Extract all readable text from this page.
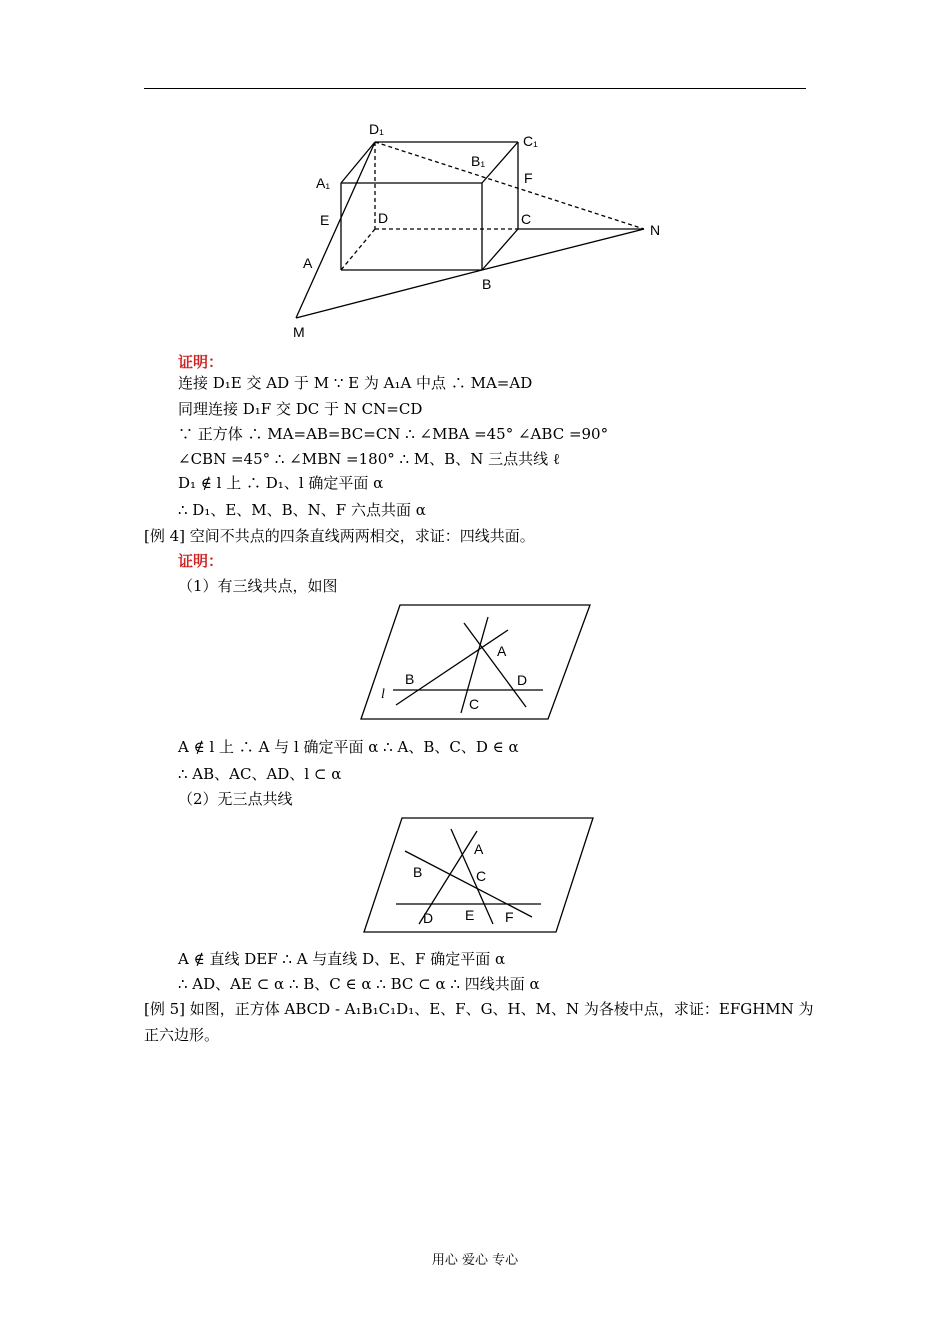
D₁
C₁
B₁
A₁
E
F
D	C
N
A
B
M
证明：
连接 D₁E 交 AD 于 M ∵ E 为 A₁A 中点 ∴ MA=AD
同理连接 D₁F 交 DC 于 N CN=CD
∵ 正方体 ∴ MA=AB=BC=CN ∴ ∠MBA =45° ∠ABC =90°
∠CBN =45° ∴ ∠MBN =180° ∴ M、B、N 三点共线 ℓ
D₁ ∉ l 上 ∴ D₁、l 确定平面 α
∴ D₁、E、M、B、N、F 六点共面 α
[例 4] 空间不共点的四条直线两两相交，求证：四线共面。
证明：
（1）有三线共点，如图
A
B
C
D
l
A ∉ l 上 ∴ A 与 l 确定平面 α ∴ A、B、C、D ∈ α
∴ AB、AC、AD、l ⊂ α
（2）无三点共线
A
B	C
D E F
A ∉ 直线 DEF ∴ A 与直线 D、E、F 确定平面 α
∴ AD、AE ⊂ α ∴ B、C ∈ α ∴ BC ⊂ α ∴ 四线共面 α
[例 5] 如图，正方体 ABCD - A₁B₁C₁D₁、E、F、G、H、M、N 为各棱中点，求证：EFGHMN 为
正六边形。
用心 爱心 专心
